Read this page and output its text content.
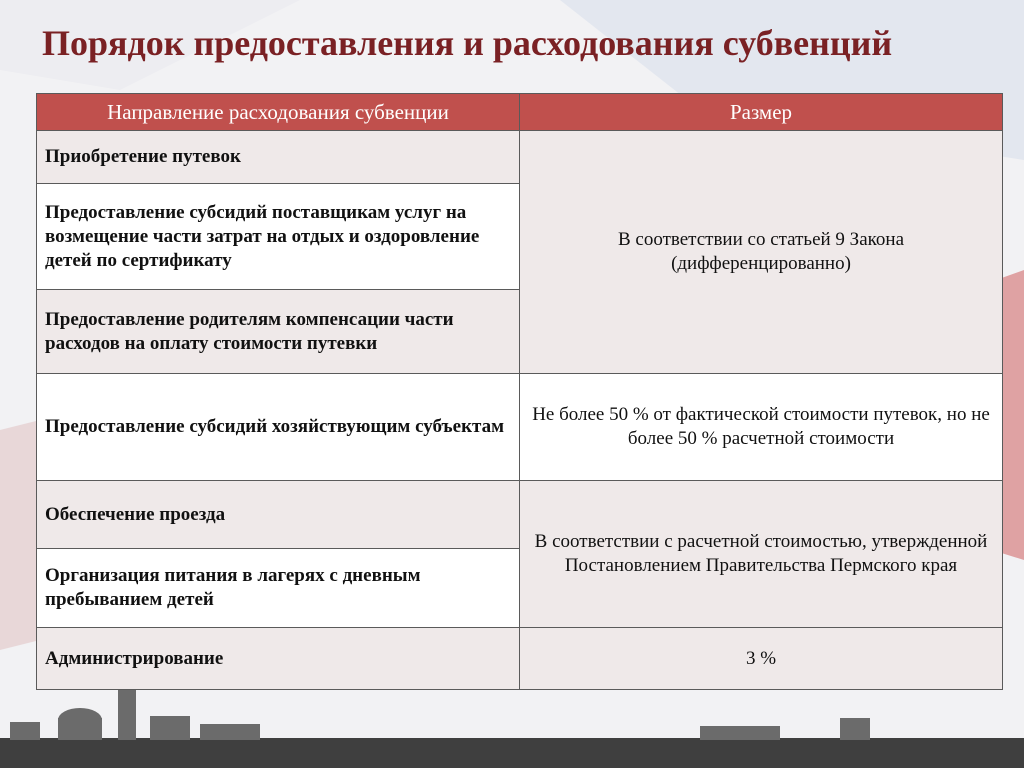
Порядок предоставления и расходования субвенций
Направление расходования субвенции	Размер
Приобретение путевок	В соответствии со статьей 9 Закона (дифференцированно)
Предоставление субсидий поставщикам услуг на возмещение части затрат на отдых и оздоровление детей по сертификату	
Предоставление родителям компенсации части расходов на оплату стоимости путевки	
Предоставление субсидий хозяйствующим субъектам	Не более 50 % от фактической стоимости путевок, но не более 50 % расчетной стоимости
Обеспечение проезда	В соответствии с расчетной стоимостью, утвержденной Постановлением Правительства Пермского края
Организация питания в лагерях с дневным пребыванием детей	
Администрирование	3 %
